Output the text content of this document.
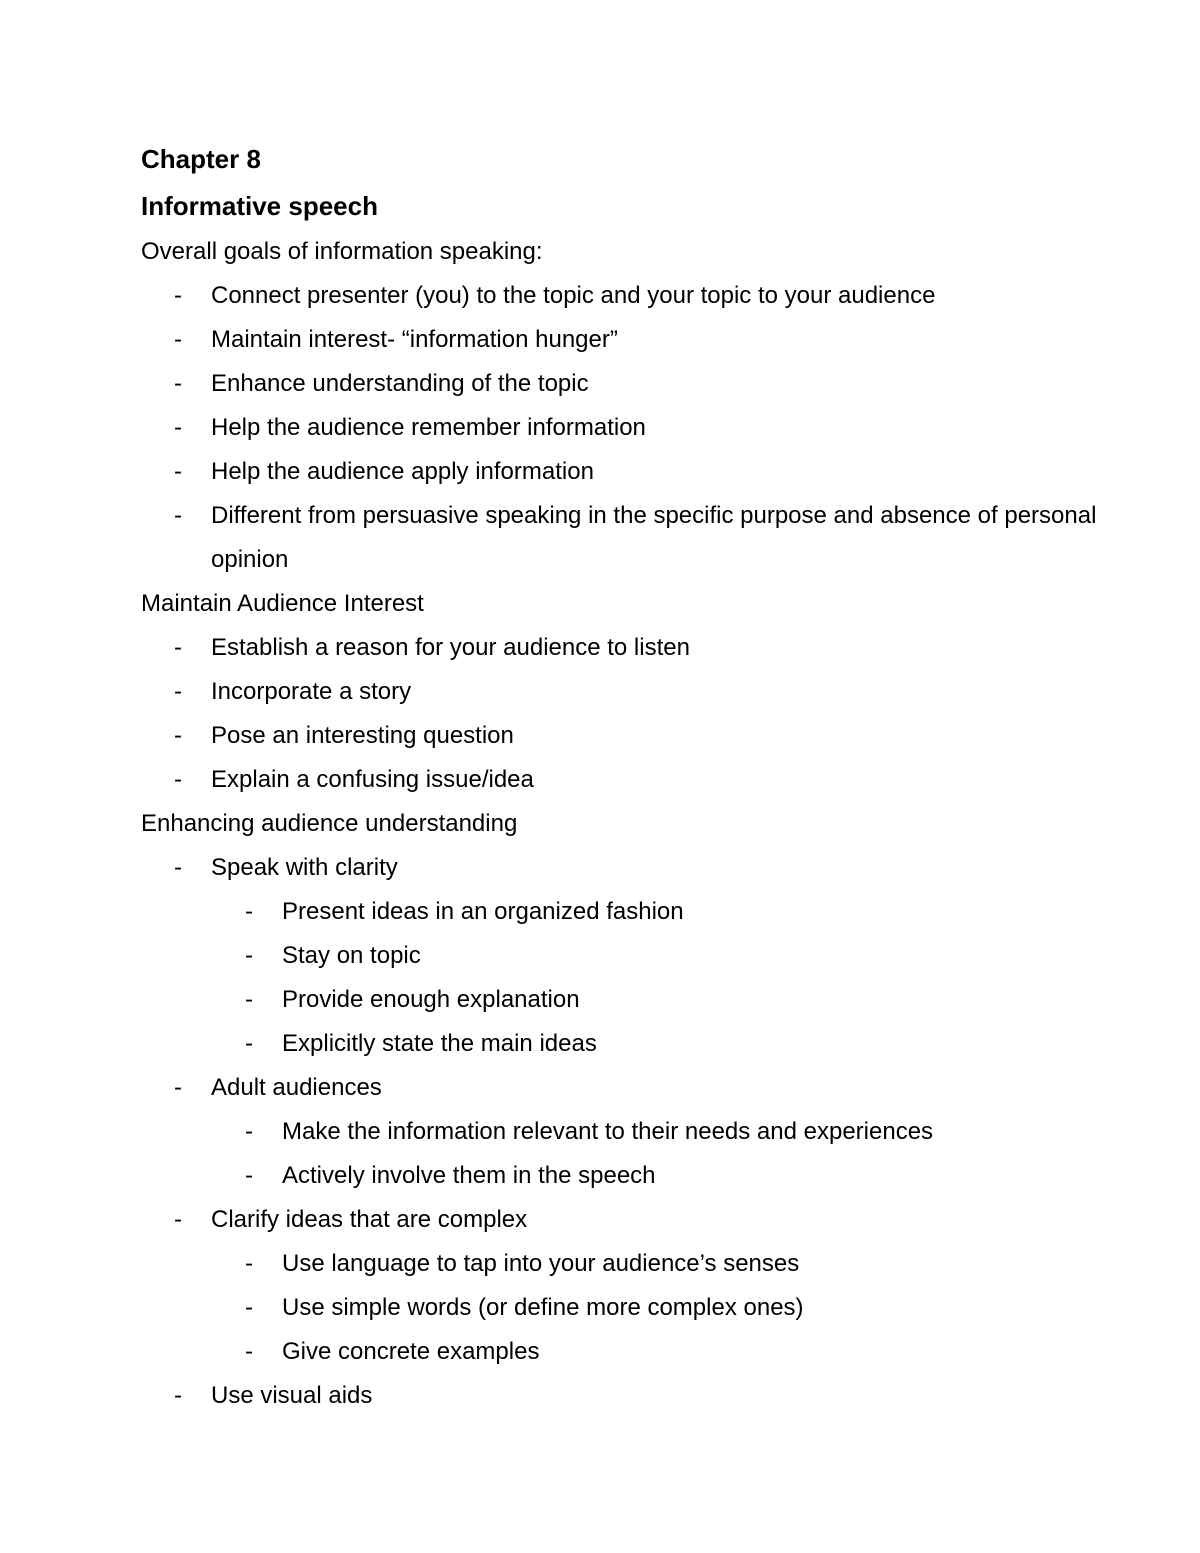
Chapter 8
Informative speech
Overall goals of information speaking:
-	Connect presenter (you) to the topic and your topic to your audience
-	Maintain interest- “information hunger”
-	Enhance understanding of the topic
-	Help the audience remember information
-	Help the audience apply information
-	Different from persuasive speaking in the specific purpose and absence of personal opinion
Maintain Audience Interest
-	Establish a reason for your audience to listen
-	Incorporate a story
-	Pose an interesting question
-	Explain a confusing issue/idea
Enhancing audience understanding
-	Speak with clarity
-	Present ideas in an organized fashion
-	Stay on topic
-	Provide enough explanation
-	Explicitly state the main ideas
-	Adult audiences
-	Make the information relevant to their needs and experiences
-	Actively involve them in the speech
-	Clarify ideas that are complex
-	Use language to tap into your audience’s senses
-	Use simple words (or define more complex ones)
-	Give concrete examples
-	Use visual aids
